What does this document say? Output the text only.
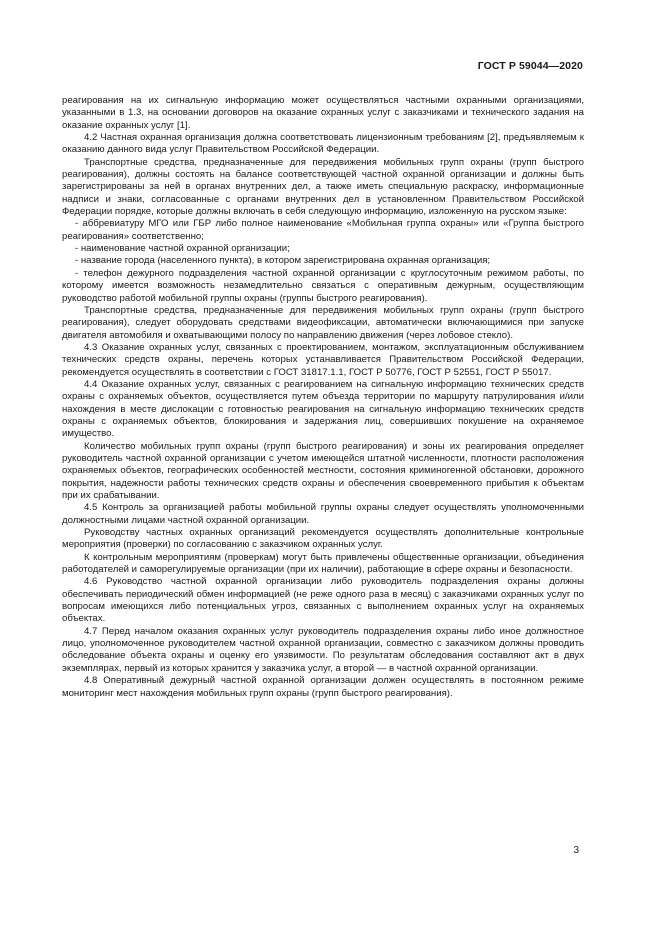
ГОСТ Р 59044—2020

реагирования на их сигнальную информацию может осуществляться частными охранными организациями, указанными в 1.3, на основании договоров на оказание охранных услуг с заказчиками и технического задания на оказание охранных услуг [1].

4.2 Частная охранная организация должна соответствовать лицензионным требованиям [2], предъявляемым к оказанию данного вида услуг Правительством Российской Федерации.

Транспортные средства, предназначенные для передвижения мобильных групп охраны (групп быстрого реагирования), должны состоять на балансе соответствующей частной охранной организации и должны быть зарегистрированы за ней в органах внутренних дел, а также иметь специальную раскраску, информационные надписи и знаки, согласованные с органами внутренних дел в установленном Правительством Российской Федерации порядке, которые должны включать в себя следующую информацию, изложенную на русском языке:

- аббревиатуру МГО или ГБР либо полное наименование «Мобильная группа охраны» или «Группа быстрого реагирования» соответственно;

- наименование частной охранной организации;

- название города (населенного пункта), в котором зарегистрирована охранная организация;

- телефон дежурного подразделения частной охранной организации с круглосуточным режимом работы, по которому имеется возможность незамедлительно связаться с оперативным дежурным, осуществляющим руководство работой мобильной группы охраны (группы быстрого реагирования).

Транспортные средства, предназначенные для передвижения мобильных групп охраны (групп быстрого реагирования), следует оборудовать средствами видеофиксации, автоматически включающимися при запуске двигателя автомобиля и охватывающими полосу по направлению движения (через лобовое стекло).

4.3 Оказание охранных услуг, связанных с проектированием, монтажом, эксплуатационным обслуживанием технических средств охраны, перечень которых устанавливается Правительством Российской Федерации, рекомендуется осуществлять в соответствии с ГОСТ 31817.1.1, ГОСТ Р 50776, ГОСТ Р 52551, ГОСТ Р 55017.

4.4 Оказание охранных услуг, связанных с реагированием на сигнальную информацию технических средств охраны с охраняемых объектов, осуществляется путем объезда территории по маршруту патрулирования и/или нахождения в месте дислокации с готовностью реагирования на сигнальную информацию технических средств охраны с охраняемых объектов, блокирования и задержания лиц, совершивших покушение на охраняемое имущество.

Количество мобильных групп охраны (групп быстрого реагирования) и зоны их реагирования определяет руководитель частной охранной организации с учетом имеющейся штатной численности, плотности расположения охраняемых объектов, географических особенностей местности, состояния криминогенной обстановки, дорожного покрытия, надежности работы технических средств охраны и обеспечения своевременного прибытия к объектам при их срабатывании.

4.5 Контроль за организацией работы мобильной группы охраны следует осуществлять уполномоченными должностными лицами частной охранной организации.

Руководству частных охранных организаций рекомендуется осуществлять дополнительные контрольные мероприятия (проверки) по согласованию с заказчиком охранных услуг.

К контрольным мероприятиям (проверкам) могут быть привлечены общественные организации, объединения работодателей и саморегулируемые организации (при их наличии), работающие в сфере охраны и безопасности.

4.6 Руководство частной охранной организации либо руководитель подразделения охраны должны обеспечивать периодический обмен информацией (не реже одного раза в месяц) с заказчиками охранных услуг по вопросам имеющихся либо потенциальных угроз, связанных с выполнением охранных услуг на охраняемых объектах.

4.7 Перед началом оказания охранных услуг руководитель подразделения охраны либо иное должностное лицо, уполномоченное руководителем частной охранной организации, совместно с заказчиком должны проводить обследование объекта охраны и оценку его уязвимости. По результатам обследования составляют акт в двух экземплярах, первый из которых хранится у заказчика услуг, а второй — в частной охранной организации.

4.8 Оперативный дежурный частной охранной организации должен осуществлять в постоянном режиме мониторинг мест нахождения мобильных групп охраны (групп быстрого реагирования).

3
